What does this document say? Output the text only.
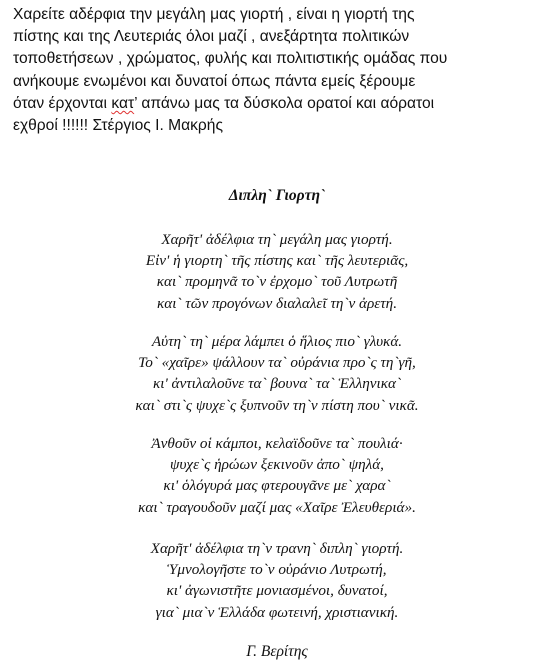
Χαρείτε αδέρφια την μεγάλη μας γιορτή , είναι η γιορτή της
πίστης και της Λευτεριάς όλοι μαζί , ανεξάρτητα πολιτικών
τοποθετήσεων , χρώματος, φυλής και πολιτιστικής ομάδας που
ανήκουμε ενωμένοι και δυνατοί όπως πάντα εμείς ξέρουμε
όταν έρχονται κατ’ απάνω μας τα δύσκολα ορατοί και αόρατοι
εχθροί !!!!!! Στέργιος Ι. Μακρής
Διπλη` Γιορτη`
Χαρῆτ' ἀδέλφια τη` μεγάλη μας γιορτή.
Εἰν' ἡ γιορτη` τῆς πίστης και` τῆς λευτεριᾶς,
και` προμηνᾶ το`ν ἐρχομο` τοῦ Λυτρωτῆ
και` τῶν προγόνων διαλαλεῖ τη`ν ἀρετή.
Αὐτη` τη` μέρα λάμπει ὁ ἥλιος πιο` γλυκά.
Το` «χαῖρε» ψάλλουν τα` οὐράνια προ`ς τη`γῆ,
κι' ἀντιλαλοῦνε τα` βουνα` τα` Ἑλληνικα`
και` στι`ς ψυχε`ς ξυπνοῦν τη`ν πίστη που` νικᾶ.
Ἀνθοῦν οἱ κάμποι, κελαϊδοῦνε τα` πουλιά·
ψυχε`ς ἡρώων ξεκινοῦν ἀπο` ψηλά,
κι' ὁλόγυρά μας φτερουγᾶνε με` χαρα`
και` τραγουδοῦν μαζί μας «Χαῖρε Ἐλευθεριά».
Χαρῆτ' ἀδέλφια τη`ν τρανη` διπλη` γιορτή.
Ὑμνολογῆστε το`ν οὐράνιο Λυτρωτή,
κι' ἀγωνιστῆτε μονιασμένοι, δυνατοί,
για` μια`ν Ἑλλάδα φωτεινή, χριστιανική.
Γ. Βερίτης
